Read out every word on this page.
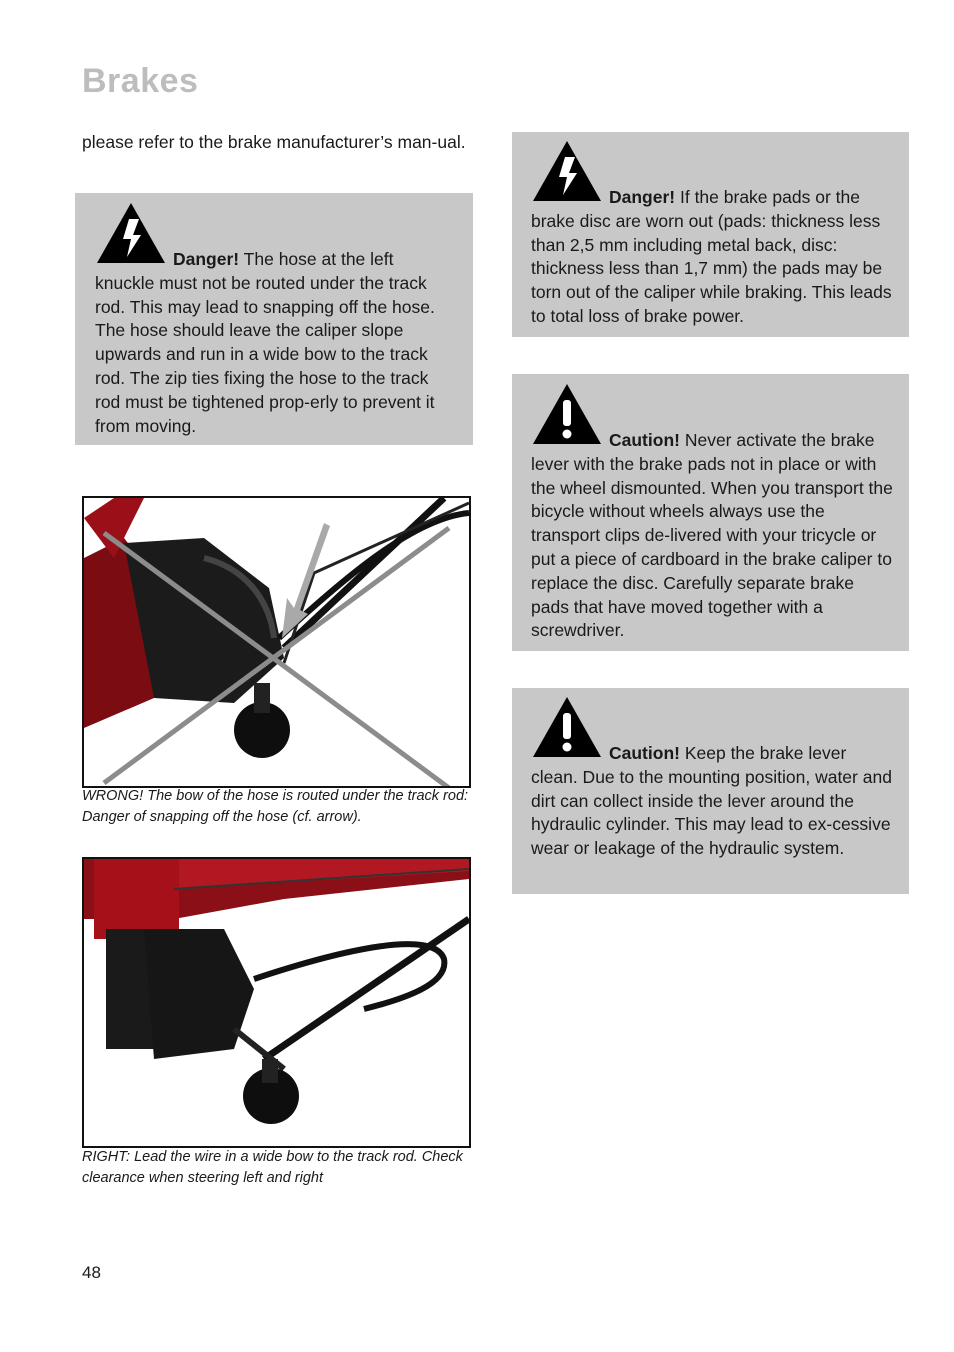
Brakes
please refer to the brake manufacturer’s man-ual.
Danger! The hose at the left knuckle must not be routed under the track rod. This may lead to snapping off the hose. The hose should leave the caliper slope upwards and run in a wide bow to the track rod. The zip ties fixing the hose to the track rod must be tightened prop-erly to prevent it from moving.
WRONG! The bow of the hose is routed under the track rod: Danger of snapping off the hose (cf. arrow).
RIGHT: Lead the wire in a wide bow to the track rod. Check clearance when steering left and right
Danger! If the brake pads or the brake disc are worn out (pads: thickness less than 2,5 mm including metal back, disc: thickness less than 1,7 mm) the pads may be torn out of the caliper while braking. This leads to total loss of brake power.
Caution! Never activate the brake lever with the brake pads not in place or with the wheel dismounted. When you transport the bicycle without wheels always use the transport clips de-livered with your tricycle or put a piece of cardboard in the brake caliper to replace the disc. Carefully separate brake pads that have moved together with a screwdriver.
Caution! Keep the brake lever clean. Due to the mounting position, water and dirt can collect inside the lever around the hydraulic cylinder. This may lead to ex-cessive wear or leakage of the hydraulic system.
48
